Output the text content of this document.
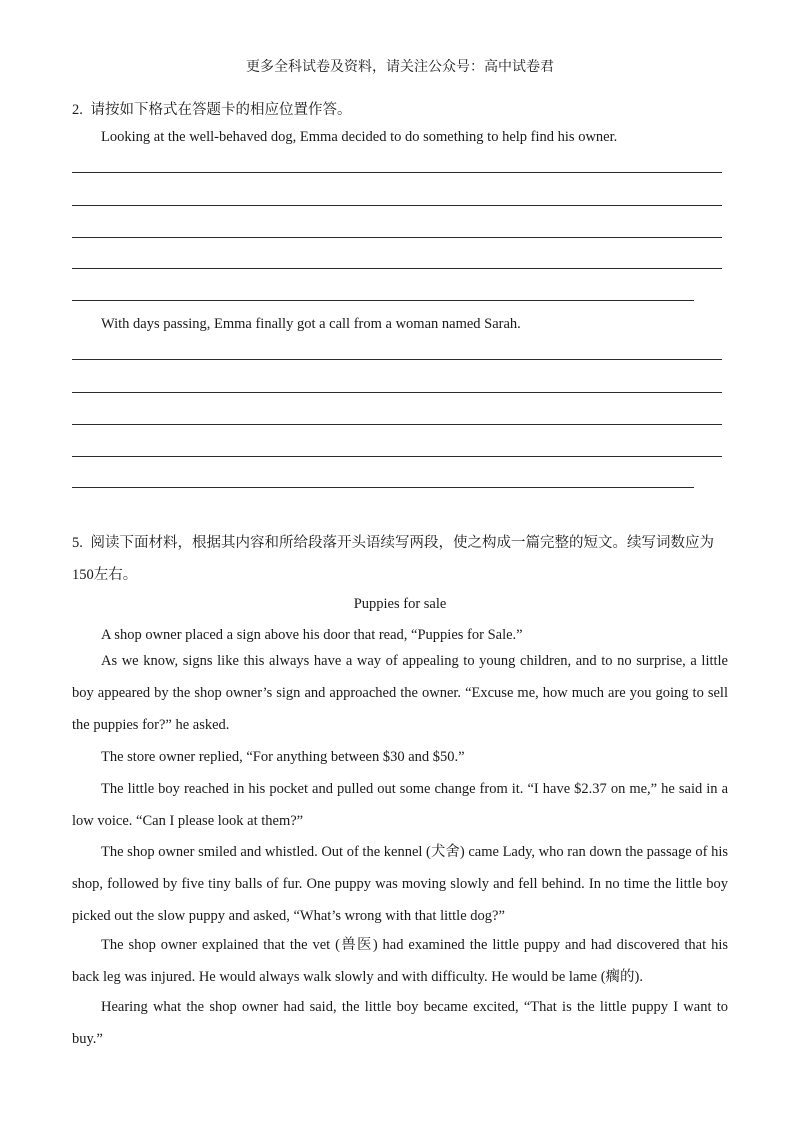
更多全科试卷及资料，请关注公众号：高中试卷君
2. 请按如下格式在答题卡的相应位置作答。
Looking at the well-behaved dog, Emma decided to do something to help find his owner.
With days passing, Emma finally got a call from a woman named Sarah.
5. 阅读下面材料，根据其内容和所给段落开头语续写两段，使之构成一篇完整的短文。续写词数应为150左右。
Puppies for sale

A shop owner placed a sign above his door that read, “Puppies for Sale.”

As we know, signs like this always have a way of appealing to young children, and to no surprise, a little boy appeared by the shop owner’s sign and approached the owner. “Excuse me, how much are you going to sell the puppies for?” he asked.

The store owner replied, “For anything between $30 and $50.”

The little boy reached in his pocket and pulled out some change from it. “I have $2.37 on me,” he said in a low voice. “Can I please look at them?”

The shop owner smiled and whistled. Out of the kennel (犬舍) came Lady, who ran down the passage of his shop, followed by five tiny balls of fur. One puppy was moving slowly and fell behind. In no time the little boy picked out the slow puppy and asked, “What’s wrong with that little dog?”

The shop owner explained that the vet (兽医) had examined the little puppy and had discovered that his back leg was injured. He would always walk slowly and with difficulty. He would be lame (瘸的).

Hearing what the shop owner had said, the little boy became excited, “That is the little puppy I want to buy.”
